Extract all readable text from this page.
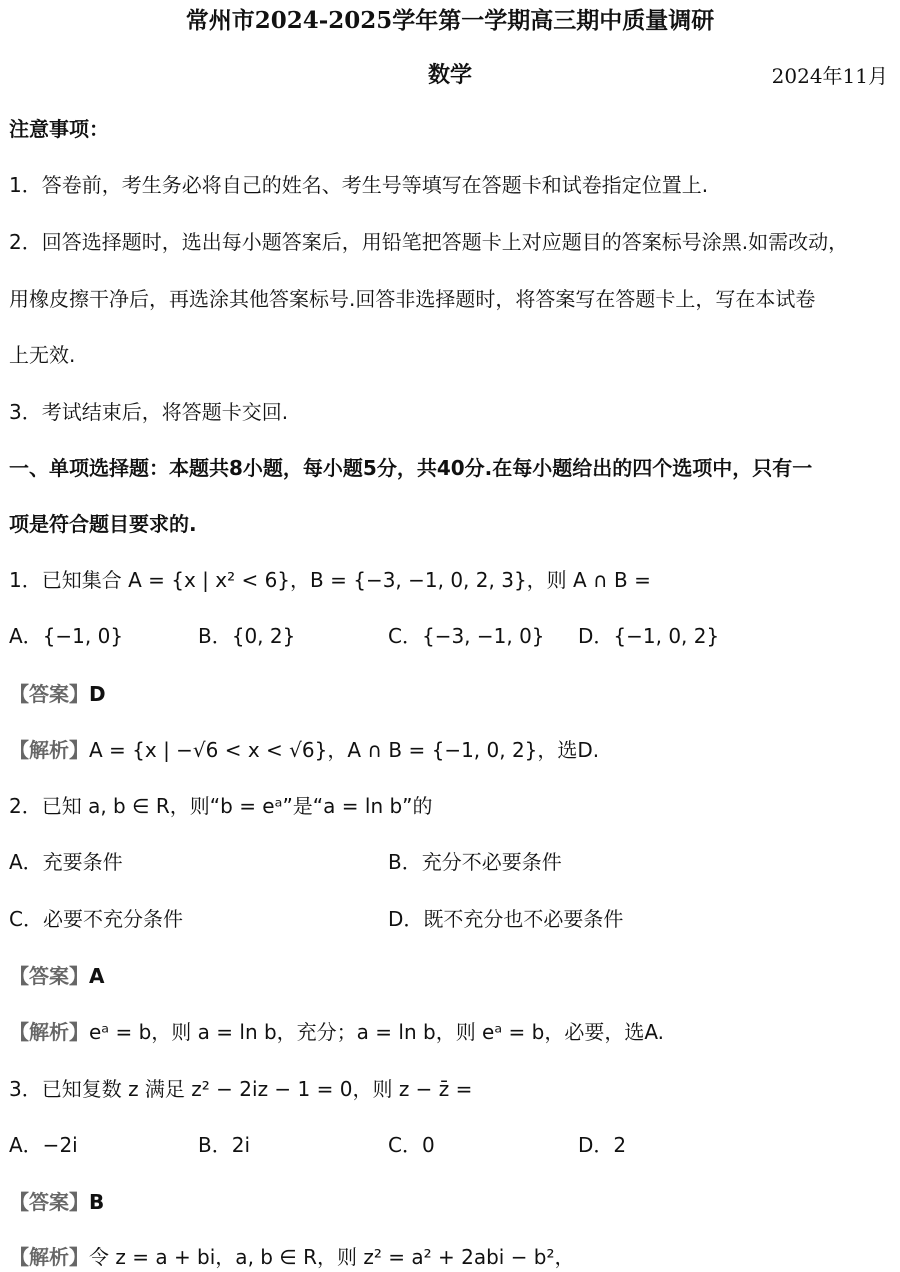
常州市2024-2025学年第一学期高三期中质量调研
数学	2024年11月
注意事项：
1．答卷前，考生务必将自己的姓名、考生号等填写在答题卡和试卷指定位置上.
2．回答选择题时，选出每小题答案后，用铅笔把答题卡上对应题目的答案标号涂黑.如需改动，
用橡皮擦干净后，再选涂其他答案标号.回答非选择题时，将答案写在答题卡上，写在本试卷
上无效.
3．考试结束后，将答题卡交回.
一、单项选择题：本题共8小题，每小题5分，共40分.在每小题给出的四个选项中，只有一
项是符合题目要求的.
1．已知集合 A = {x | x² < 6}，B = {−3, −1, 0, 2, 3}，则 A ∩ B =
A．{−1, 0}	B．{0, 2}	C．{−3, −1, 0} D．{−1, 0, 2}
【答案】D
【解析】A = {x | −√6 < x < √6}，A ∩ B = {−1, 0, 2}，选D.
2．已知 a, b ∈ R，则“b = eᵃ”是“a = ln b”的
A．充要条件	B．充分不必要条件
C．必要不充分条件	D．既不充分也不必要条件
【答案】A
【解析】eᵃ = b，则 a = ln b，充分；a = ln b，则 eᵃ = b，必要，选A.
3．已知复数 z 满足 z² − 2iz − 1 = 0，则 z − z̄ =
A．−2i	B．2i	C．0	D．2
【答案】B
【解析】令 z = a + bi，a, b ∈ R，则 z² = a² + 2abi − b²，
